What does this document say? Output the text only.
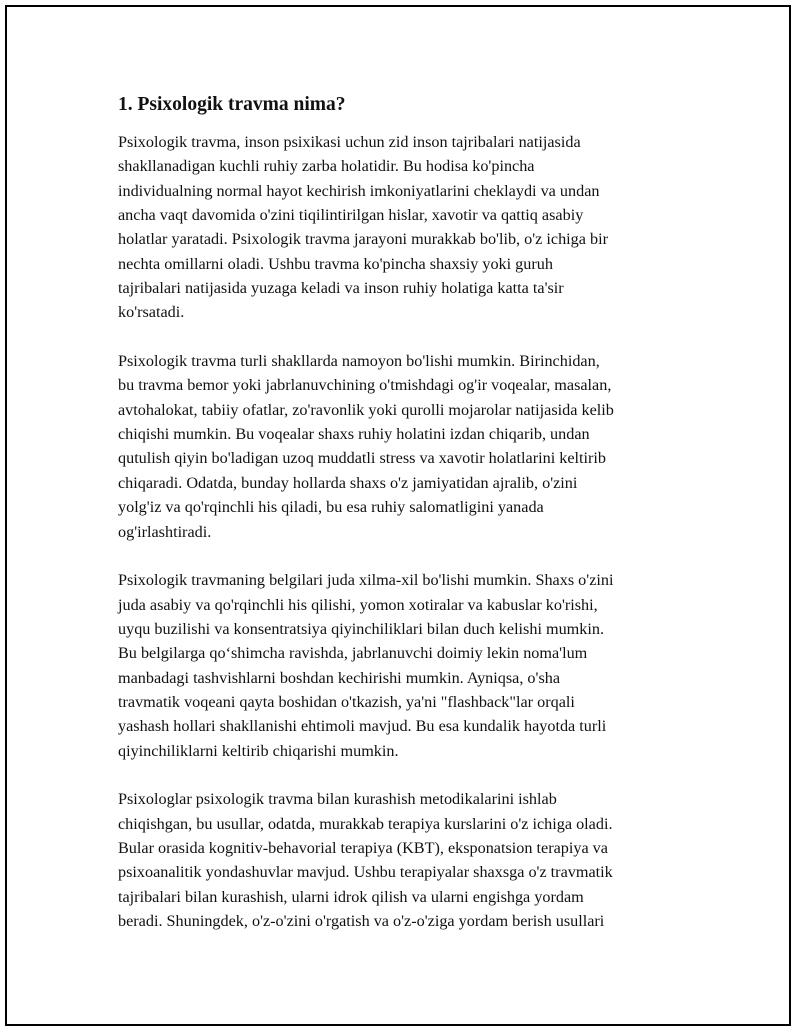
1. Psixologik travma nima?
Psixologik travma, inson psixikasi uchun zid inson tajribalari natijasida
shakllanadigan kuchli ruhiy zarba holatidir. Bu hodisa ko'pincha
individualning normal hayot kechirish imkoniyatlarini cheklaydi va undan
ancha vaqt davomida o'zini tiqilintirilgan hislar, xavotir va qattiq asabiy
holatlar yaratadi. Psixologik travma jarayoni murakkab bo'lib, o'z ichiga bir
nechta omillarni oladi. Ushbu travma ko'pincha shaxsiy yoki guruh
tajribalari natijasida yuzaga keladi va inson ruhiy holatiga katta ta'sir
ko'rsatadi.
Psixologik travma turli shakllarda namoyon bo'lishi mumkin. Birinchidan,
bu travma bemor yoki jabrlanuvchining o'tmishdagi og'ir voqealar, masalan,
avtohalokat, tabiiy ofatlar, zo'ravonlik yoki qurolli mojarolar natijasida kelib
chiqishi mumkin. Bu voqealar shaxs ruhiy holatini izdan chiqarib, undan
qutulish qiyin bo'ladigan uzoq muddatli stress va xavotir holatlarini keltirib
chiqaradi. Odatda, bunday hollarda shaxs o'z jamiyatidan ajralib, o'zini
yolg'iz va qo'rqinchli his qiladi, bu esa ruhiy salomatligini yanada
og'irlashtiradi.
Psixologik travmaning belgilari juda xilma-xil bo'lishi mumkin. Shaxs o'zini
juda asabiy va qo'rqinchli his qilishi, yomon xotiralar va kabuslar ko'rishi,
uyqu buzilishi va konsentratsiya qiyinchiliklari bilan duch kelishi mumkin.
Bu belgilarga qo‘shimcha ravishda, jabrlanuvchi doimiy lekin noma'lum
manbadagi tashvishlarni boshdan kechirishi mumkin. Ayniqsa, o'sha
travmatik voqeani qayta boshidan o'tkazish, ya'ni "flashback"lar orqali
yashash hollari shakllanishi ehtimoli mavjud. Bu esa kundalik hayotda turli
qiyinchiliklarni keltirib chiqarishi mumkin.
Psixologlar psixologik travma bilan kurashish metodikalarini ishlab
chiqishgan, bu usullar, odatda, murakkab terapiya kurslarini o'z ichiga oladi.
Bular orasida kognitiv-behavorial terapiya (KBT), eksponatsion terapiya va
psixoanalitik yondashuvlar mavjud. Ushbu terapiyalar shaxsga o'z travmatik
tajribalari bilan kurashish, ularni idrok qilish va ularni engishga yordam
beradi. Shuningdek, o'z-o'zini o'rgatish va o'z-o'ziga yordam berish usullari
